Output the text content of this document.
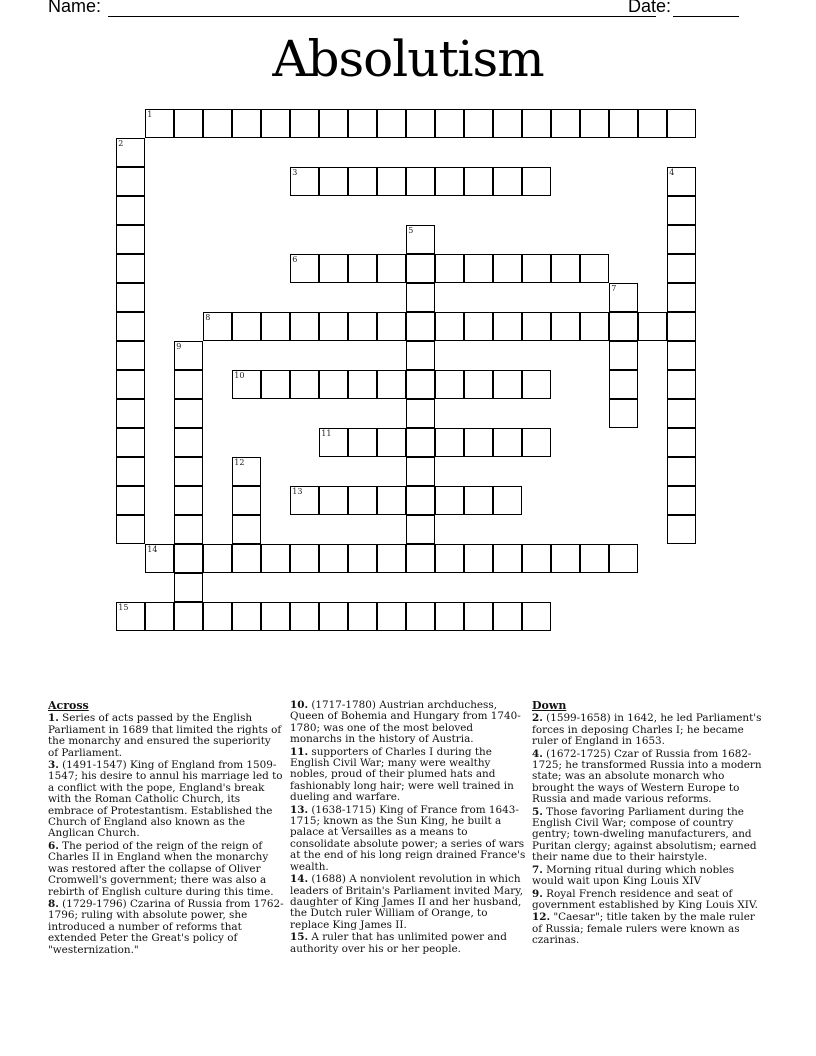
Name:	Date:
Absolutism
1
2
3	4
5
6
7
8
9
10
11
12
13
14
15
Across
1. Series of acts passed by the English Parliament in 1689 that limited the rights of the monarchy and ensured the superiority of Parliament.
3. (1491-1547) King of England from 1509-1547; his desire to annul his marriage led to a conflict with the pope, England's break with the Roman Catholic Church, its embrace of Protestantism. Established the Church of England also known as the Anglican Church.
6. The period of the reign of the reign of Charles II in England when the monarchy was restored after the collapse of Oliver Cromwell's government; there was also a rebirth of English culture during this time.
8. (1729-1796) Czarina of Russia from 1762-1796; ruling with absolute power, she introduced a number of reforms that extended Peter the Great's policy of "westernization."
10. (1717-1780) Austrian archduchess, Queen of Bohemia and Hungary from 1740-1780; was one of the most beloved monarchs in the history of Austria.
11. supporters of Charles I during the English Civil War; many were wealthy nobles, proud of their plumed hats and fashionably long hair; were well trained in dueling and warfare.
13. (1638-1715) King of France from 1643-1715; known as the Sun King, he built a palace at Versailles as a means to consolidate absolute power; a series of wars at the end of his long reign drained France's wealth.
14. (1688) A nonviolent revolution in which leaders of Britain's Parliament invited Mary, daughter of King James II and her husband, the Dutch ruler William of Orange, to replace King James II.
15. A ruler that has unlimited power and authority over his or her people.
Down
2. (1599-1658) in 1642, he led Parliament's forces in deposing Charles I; he became ruler of England in 1653.
4. (1672-1725) Czar of Russia from 1682-1725; he transformed Russia into a modern state; was an absolute monarch who brought the ways of Western Europe to Russia and made various reforms.
5. Those favoring Parliament during the English Civil War; compose of country gentry; town-dweling manufacturers, and Puritan clergy; against absolutism; earned their name due to their hairstyle.
7. Morning ritual during which nobles would wait upon King Louis XIV
9. Royal French residence and seat of government established by King Louis XIV.
12. "Caesar"; title taken by the male ruler of Russia; female rulers were known as czarinas.
